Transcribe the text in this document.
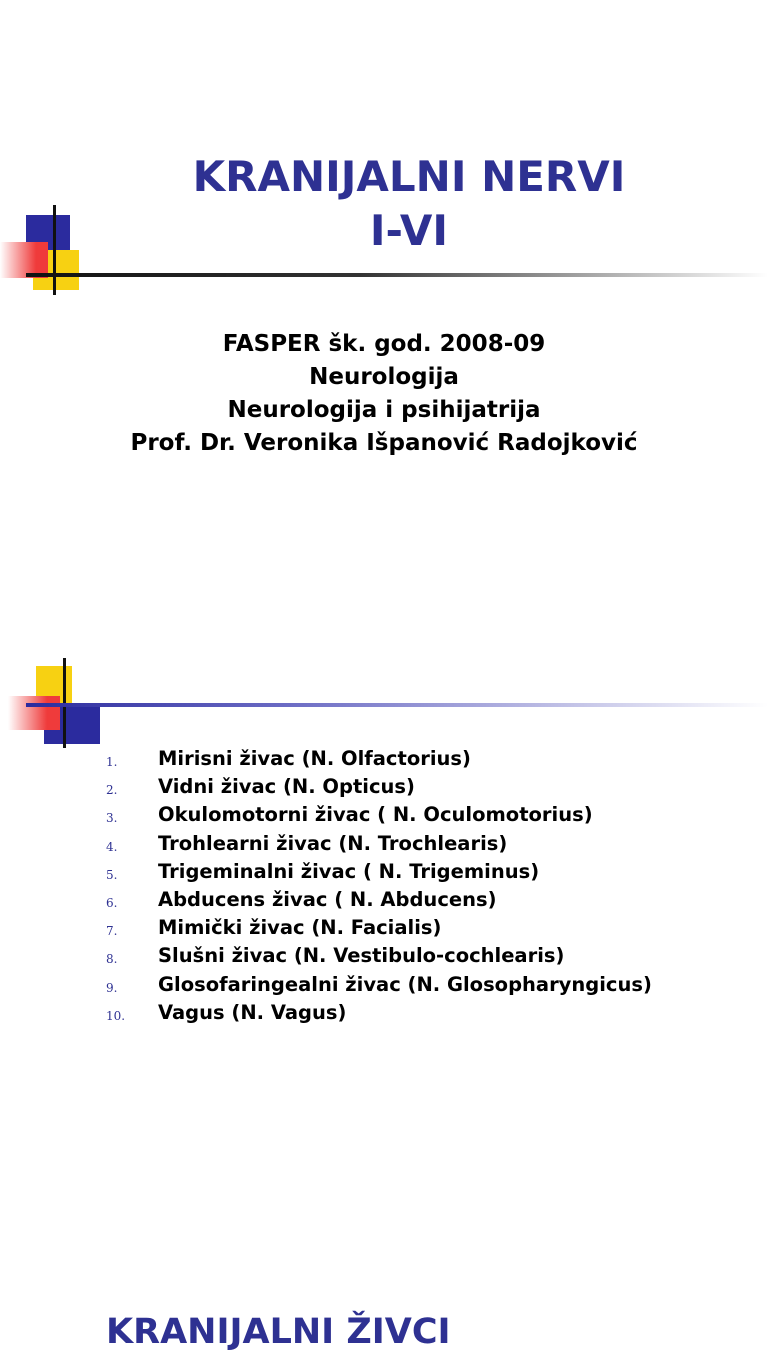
KRANIJALNI NERVI
I-VI
FASPER šk. god. 2008-09
Neurologija
Neurologija i psihijatrija
Prof. Dr. Veronika Išpanović Radojković
KRANIJALNI ŽIVCI
1.	Mirisni živac (N. Olfactorius)
2.	Vidni živac (N. Opticus)
3.	Okulomotorni živac ( N. Oculomotorius)
4.	Trohlearni živac (N. Trochlearis)
5.	Trigeminalni živac ( N. Trigeminus)
6.	Abducens živac ( N. Abducens)
7.	Mimički živac (N. Facialis)
8.	Slušni živac (N. Vestibulo-cochlearis)
9.	Glosofaringealni živac (N. Glosopharyngicus)
10.	Vagus (N. Vagus)
